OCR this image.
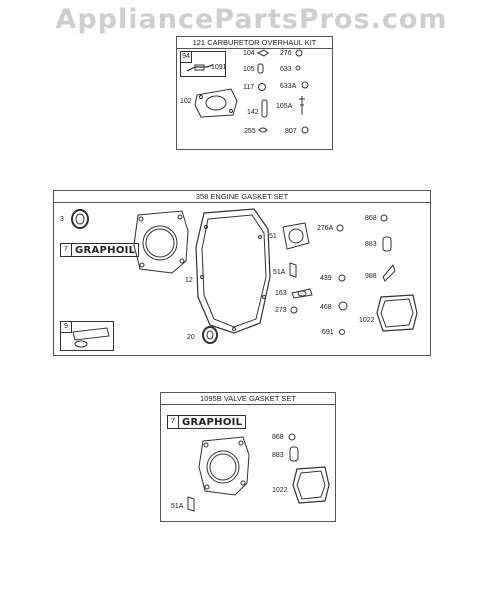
AppliancePartsPros.com
121 CARBURETOR OVERHAUL KIT
94
1091
104	276
105	633
117	633A
102
142
105A
255	807
358 ENGINE GASKET SET
3
7 GRAPHOIL
9
12
20
51
276A
868
883
51A
439	988
163
273	468
1022
691
1095B VALVE GASKET SET
7 GRAPHOIL
868
883
1022
51A
